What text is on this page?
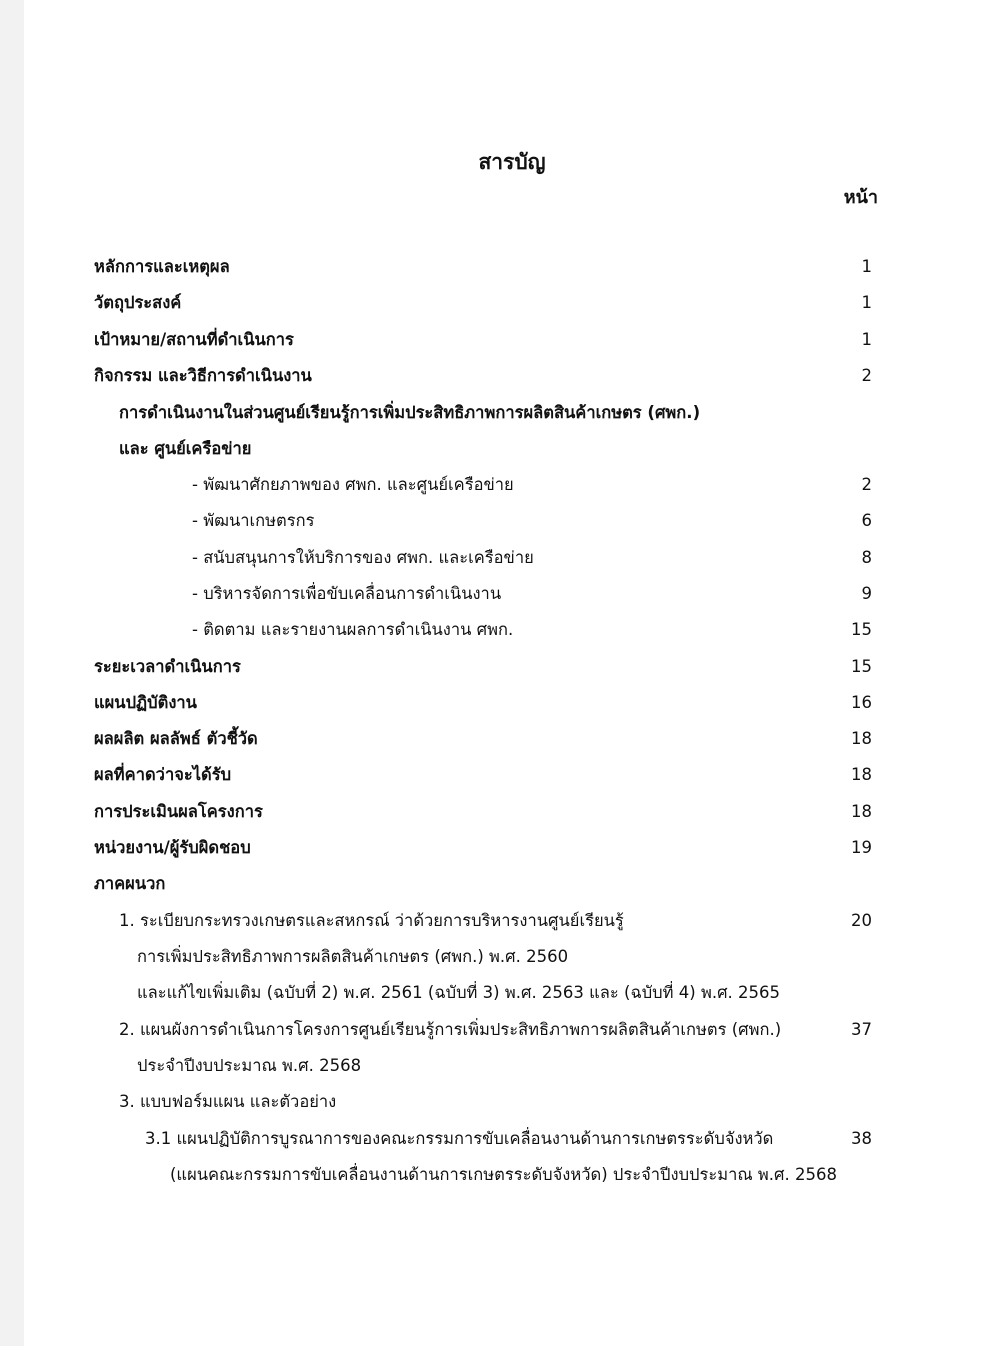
สารบัญ
หน้า
หลักการและเหตุผล	1
วัตถุประสงค์	1
เป้าหมาย/สถานที่ดำเนินการ	1
กิจกรรม และวิธีการดำเนินงาน	2
การดำเนินงานในส่วนศูนย์เรียนรู้การเพิ่มประสิทธิภาพการผลิตสินค้าเกษตร (ศพก.)
และ ศูนย์เครือข่าย
- พัฒนาศักยภาพของ ศพก. และศูนย์เครือข่าย	2
- พัฒนาเกษตรกร	6
- สนับสนุนการให้บริการของ ศพก. และเครือข่าย	8
- บริหารจัดการเพื่อขับเคลื่อนการดำเนินงาน	9
- ติดตาม และรายงานผลการดำเนินงาน ศพก.	15
ระยะเวลาดำเนินการ	15
แผนปฏิบัติงาน	16
ผลผลิต ผลลัพธ์ ตัวชี้วัด	18
ผลที่คาดว่าจะได้รับ	18
การประเมินผลโครงการ	18
หน่วยงาน/ผู้รับผิดชอบ	19
ภาคผนวก
1. ระเบียบกระทรวงเกษตรและสหกรณ์ ว่าด้วยการบริหารงานศูนย์เรียนรู้	20
การเพิ่มประสิทธิภาพการผลิตสินค้าเกษตร (ศพก.) พ.ศ. 2560
และแก้ไขเพิ่มเติม (ฉบับที่ 2) พ.ศ. 2561 (ฉบับที่ 3) พ.ศ. 2563 และ (ฉบับที่ 4) พ.ศ. 2565
2. แผนผังการดำเนินการโครงการศูนย์เรียนรู้การเพิ่มประสิทธิภาพการผลิตสินค้าเกษตร (ศพก.)	37
ประจำปีงบประมาณ พ.ศ. 2568
3. แบบฟอร์มแผน และตัวอย่าง
3.1 แผนปฏิบัติการบูรณาการของคณะกรรมการขับเคลื่อนงานด้านการเกษตรระดับจังหวัด	38
(แผนคณะกรรมการขับเคลื่อนงานด้านการเกษตรระดับจังหวัด) ประจำปีงบประมาณ พ.ศ. 2568
